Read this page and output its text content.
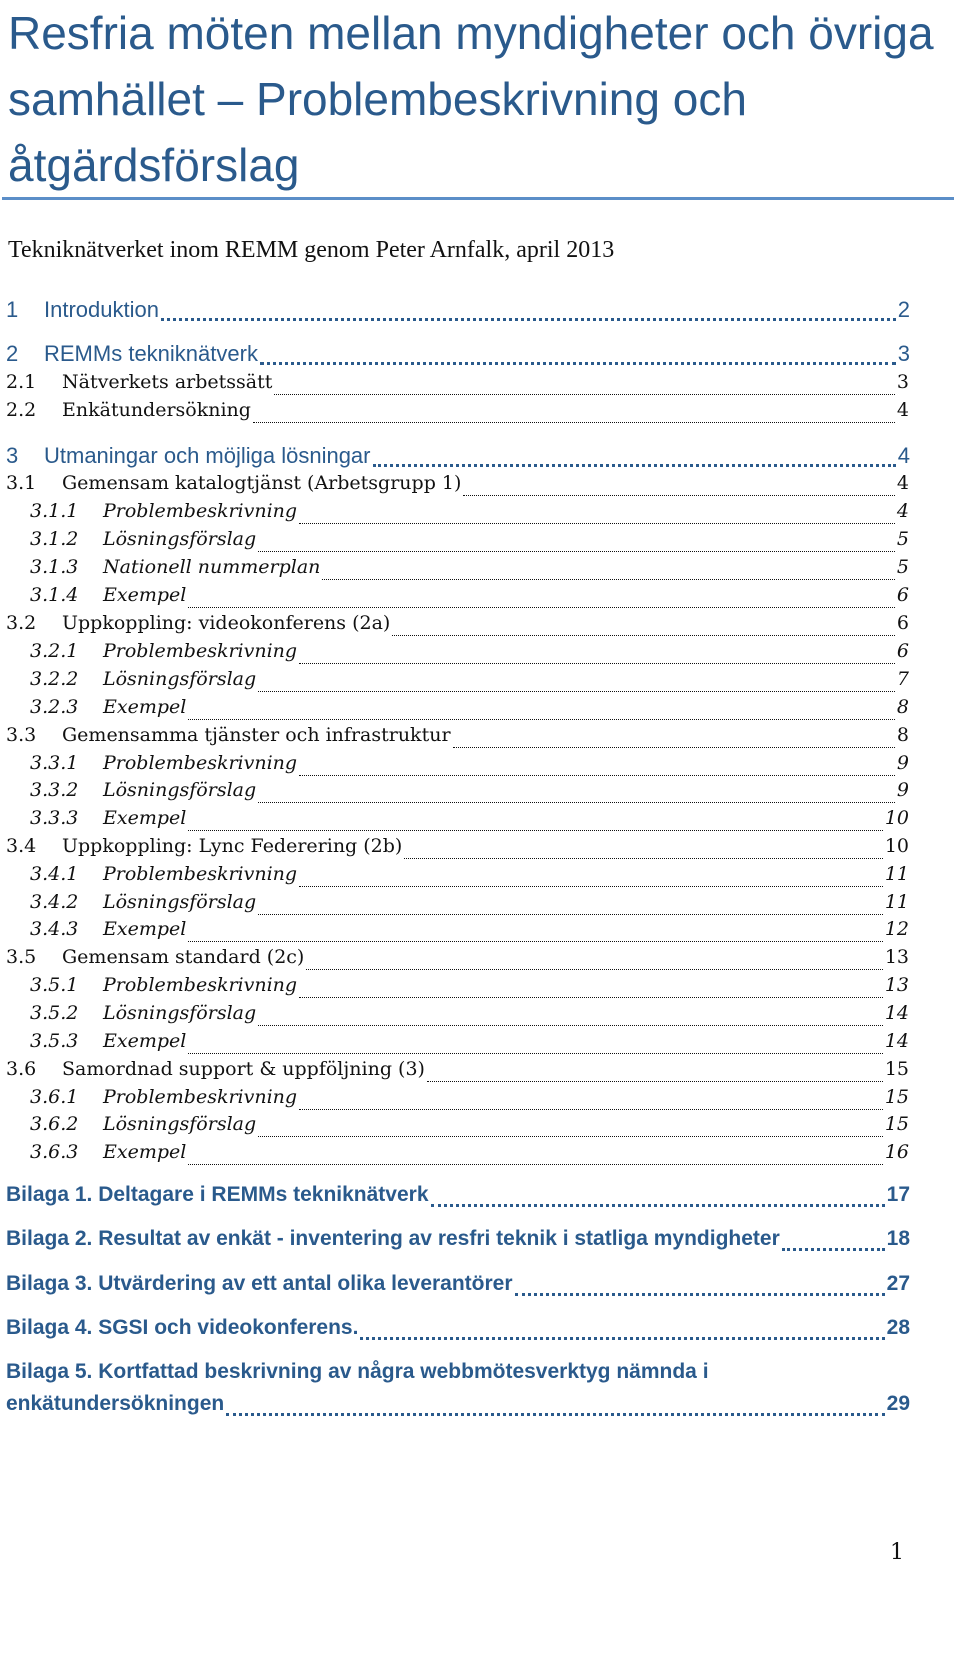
Resfria möten mellan myndigheter och övriga samhället – Problembeskrivning och åtgärdsförslag

Tekniknätverket inom REMM genom Peter Arnfalk, april 2013

1	Introduktion	2
2	REMMs tekniknätverk	3
2.1	Nätverkets arbetssätt	3
2.2	Enkätundersökning	4
3	Utmaningar och möjliga lösningar	4
3.1	Gemensam katalogtjänst (Arbetsgrupp 1)	4
3.1.1	Problembeskrivning	4
3.1.2	Lösningsförslag	5
3.1.3	Nationell nummerplan	5
3.1.4	Exempel	6
3.2	Uppkoppling: videokonferens (2a)	6
3.2.1	Problembeskrivning	6
3.2.2	Lösningsförslag	7
3.2.3	Exempel	8
3.3	Gemensamma tjänster och infrastruktur	8
3.3.1	Problembeskrivning	9
3.3.2	Lösningsförslag	9
3.3.3	Exempel	10
3.4	Uppkoppling: Lync Federering (2b)	10
3.4.1	Problembeskrivning	11
3.4.2	Lösningsförslag	11
3.4.3	Exempel	12
3.5	Gemensam standard (2c)	13
3.5.1	Problembeskrivning	13
3.5.2	Lösningsförslag	14
3.5.3	Exempel	14
3.6	Samordnad support & uppföljning (3)	15
3.6.1	Problembeskrivning	15
3.6.2	Lösningsförslag	15
3.6.3	Exempel	16
Bilaga 1. Deltagare i REMMs tekniknätverk	17
Bilaga 2. Resultat av enkät - inventering av resfri teknik i statliga myndigheter	18
Bilaga 3. Utvärdering av ett antal olika leverantörer	27
Bilaga 4. SGSI och videokonferens.	28
Bilaga 5. Kortfattad beskrivning av några webbmötesverktyg nämnda i
enkätundersökningen	29
1
